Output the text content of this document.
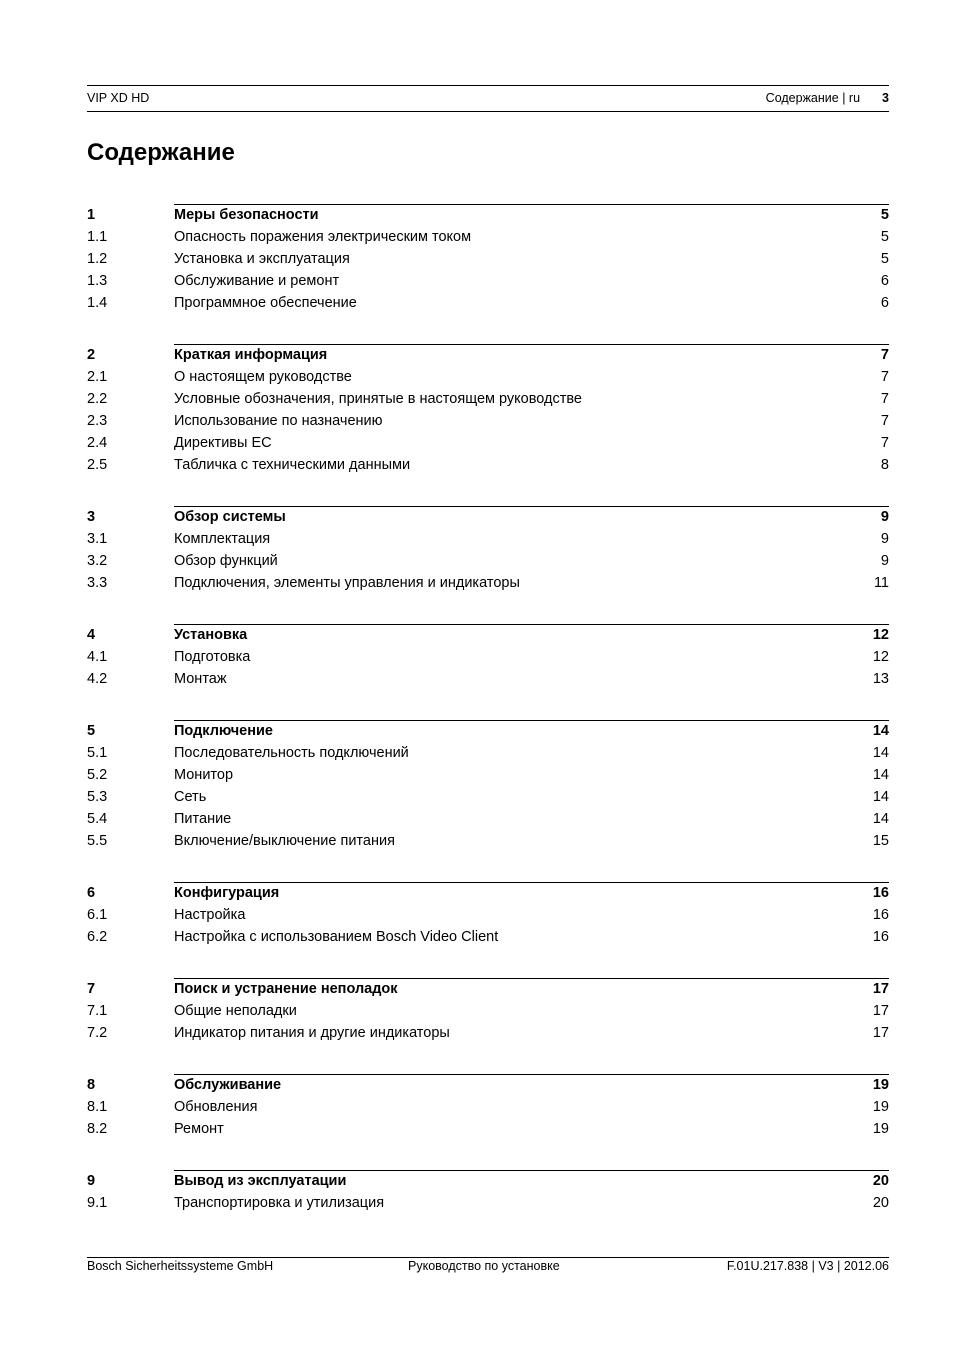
VIP XD HD	Содержание | ru 3
Содержание
1	Меры безопасности	5
1.1	Опасность поражения электрическим током	5
1.2	Установка и эксплуатация	5
1.3	Обслуживание и ремонт	6
1.4	Программное обеспечение	6
2	Краткая информация	7
2.1	О настоящем руководстве	7
2.2	Условные обозначения, принятые в настоящем руководстве	7
2.3	Использование по назначению	7
2.4	Директивы ЕС	7
2.5	Табличка с техническими данными	8
3	Обзор системы	9
3.1	Комплектация	9
3.2	Обзор функций	9
3.3	Подключения, элементы управления и индикаторы	11
4	Установка	12
4.1	Подготовка	12
4.2	Монтаж	13
5	Подключение	14
5.1	Последовательность подключений	14
5.2	Монитор	14
5.3	Сеть	14
5.4	Питание	14
5.5	Включение/выключение питания	15
6	Конфигурация	16
6.1	Настройка	16
6.2	Настройка с использованием Bosch Video Client	16
7	Поиск и устранение неполадок	17
7.1	Общие неполадки	17
7.2	Индикатор питания и другие индикаторы	17
8	Обслуживание	19
8.1	Обновления	19
8.2	Ремонт	19
9	Вывод из эксплуатации	20
9.1	Транспортировка и утилизация	20
Bosch Sicherheitssysteme GmbH	Руководство по установке	F.01U.217.838 | V3 | 2012.06
